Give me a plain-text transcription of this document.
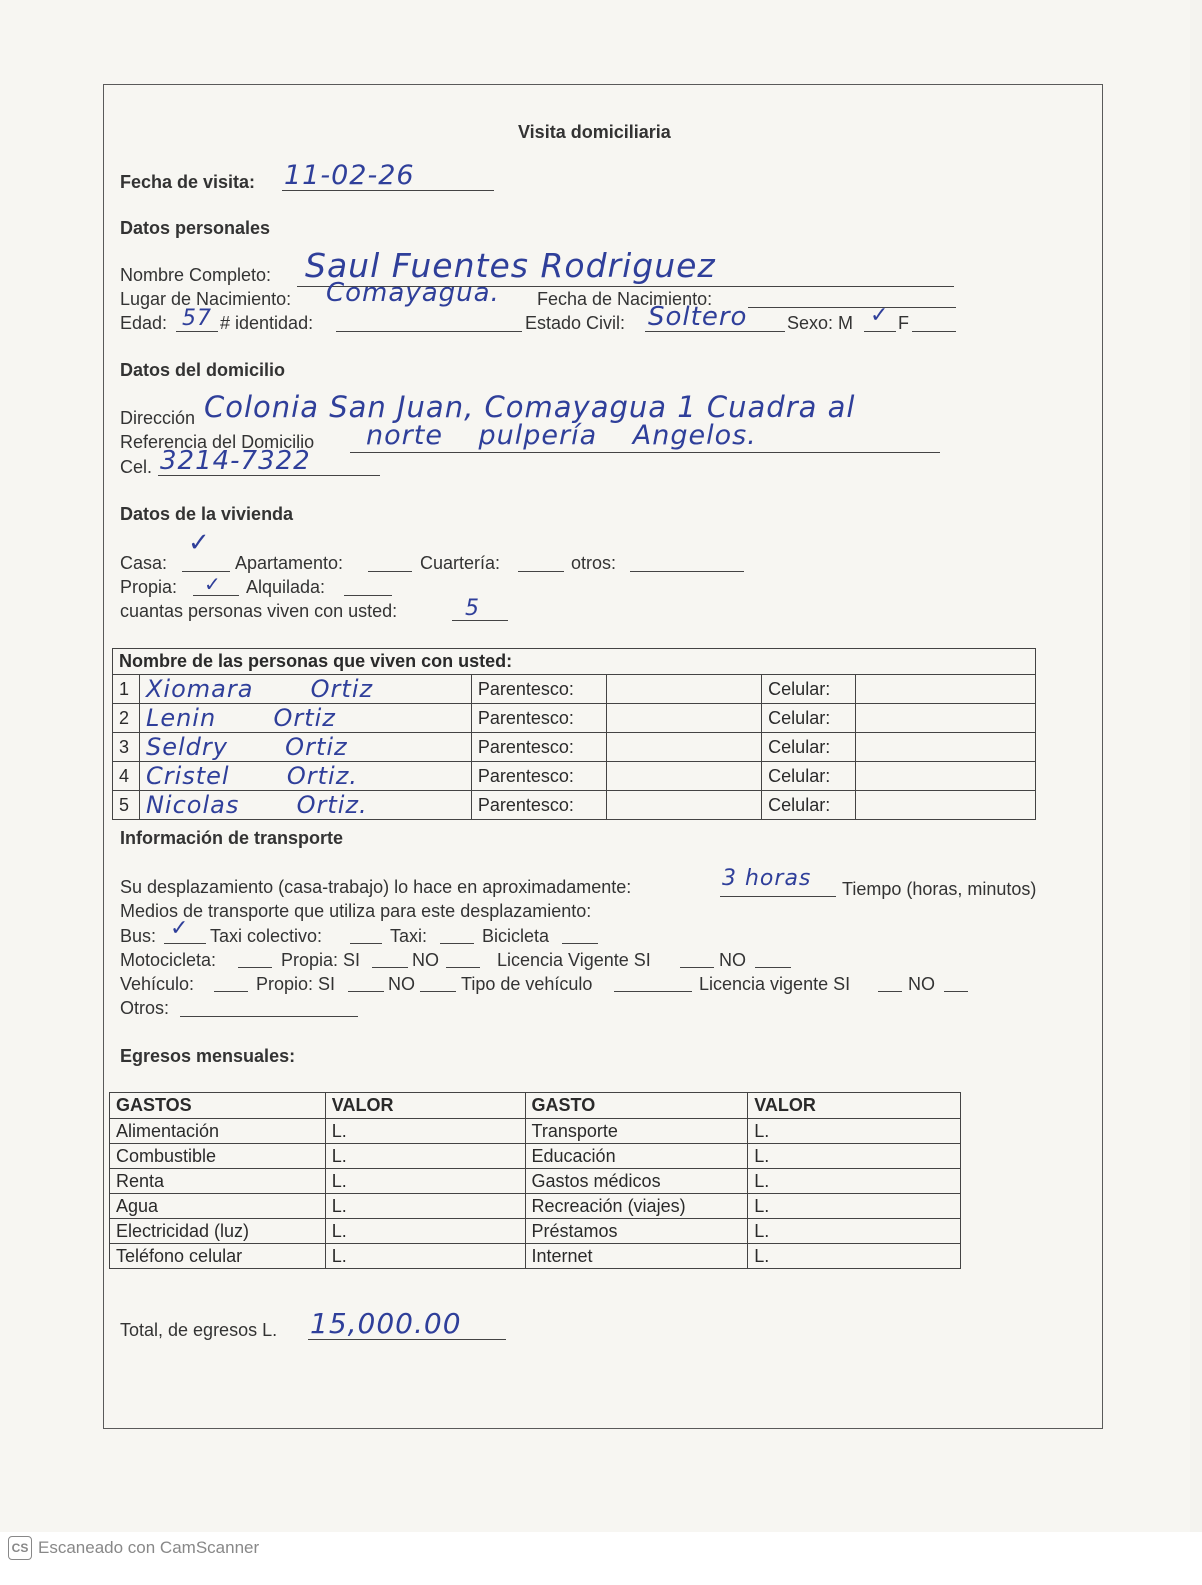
Visita domiciliaria
Fecha de visita: 11-02-26
Datos personales
Nombre Completo: Saul Fuentes Rodriguez
Lugar de Nacimiento: Comayagua. Fecha de Nacimiento:
Edad: 57 # identidad:	Estado Civil: Soltero Sexo: M ✓ F
Datos del domicilio
Dirección Colonia San Juan, Comayagua 1 Cuadra al
Referencia del Domicilio norte pulpería Angelos.
Cel. 3214-7322
Datos de la vivienda
Casa:
✓
Apartamento:	Cuartería:	otros:
Propia: ✓ Alquilada:
cuantas personas viven con usted:	5
Nombre de las personas que viven con usted:					
1	Xiomara  Ortiz	Parentesco:		Celular:	
2	Lenin  Ortiz	Parentesco:		Celular:	
3	Seldry  Ortiz	Parentesco:		Celular:	
4	Cristel  Ortiz.	Parentesco:		Celular:	
5	Nicolas  Ortiz.	Parentesco:		Celular:	
Información de transporte
Su desplazamiento (casa-trabajo) lo hace en aproximadamente:	3 horas Tiempo (horas, minutos)
Medios de transporte que utiliza para este desplazamiento:
Bus: ✓ Taxi colectivo:	Taxi:	Bicicleta
Motocicleta:	Propia: SI	NO	Licencia Vigente SI	NO
Vehículo:	Propio: SI	NO	Tipo de vehículo	Licencia vigente SI	NO
Otros:
Egresos mensuales:
GASTOS	VALOR	GASTO	VALOR
Alimentación	L.	Transporte	L.
Combustible	L.	Educación	L.
Renta	L.	Gastos médicos	L.
Agua	L.	Recreación (viajes)	L.
Electricidad (luz)	L.	Préstamos	L.
Teléfono celular	L.	Internet	L.
Total, de egresos L. 15,000.00
CS Escaneado con CamScanner
